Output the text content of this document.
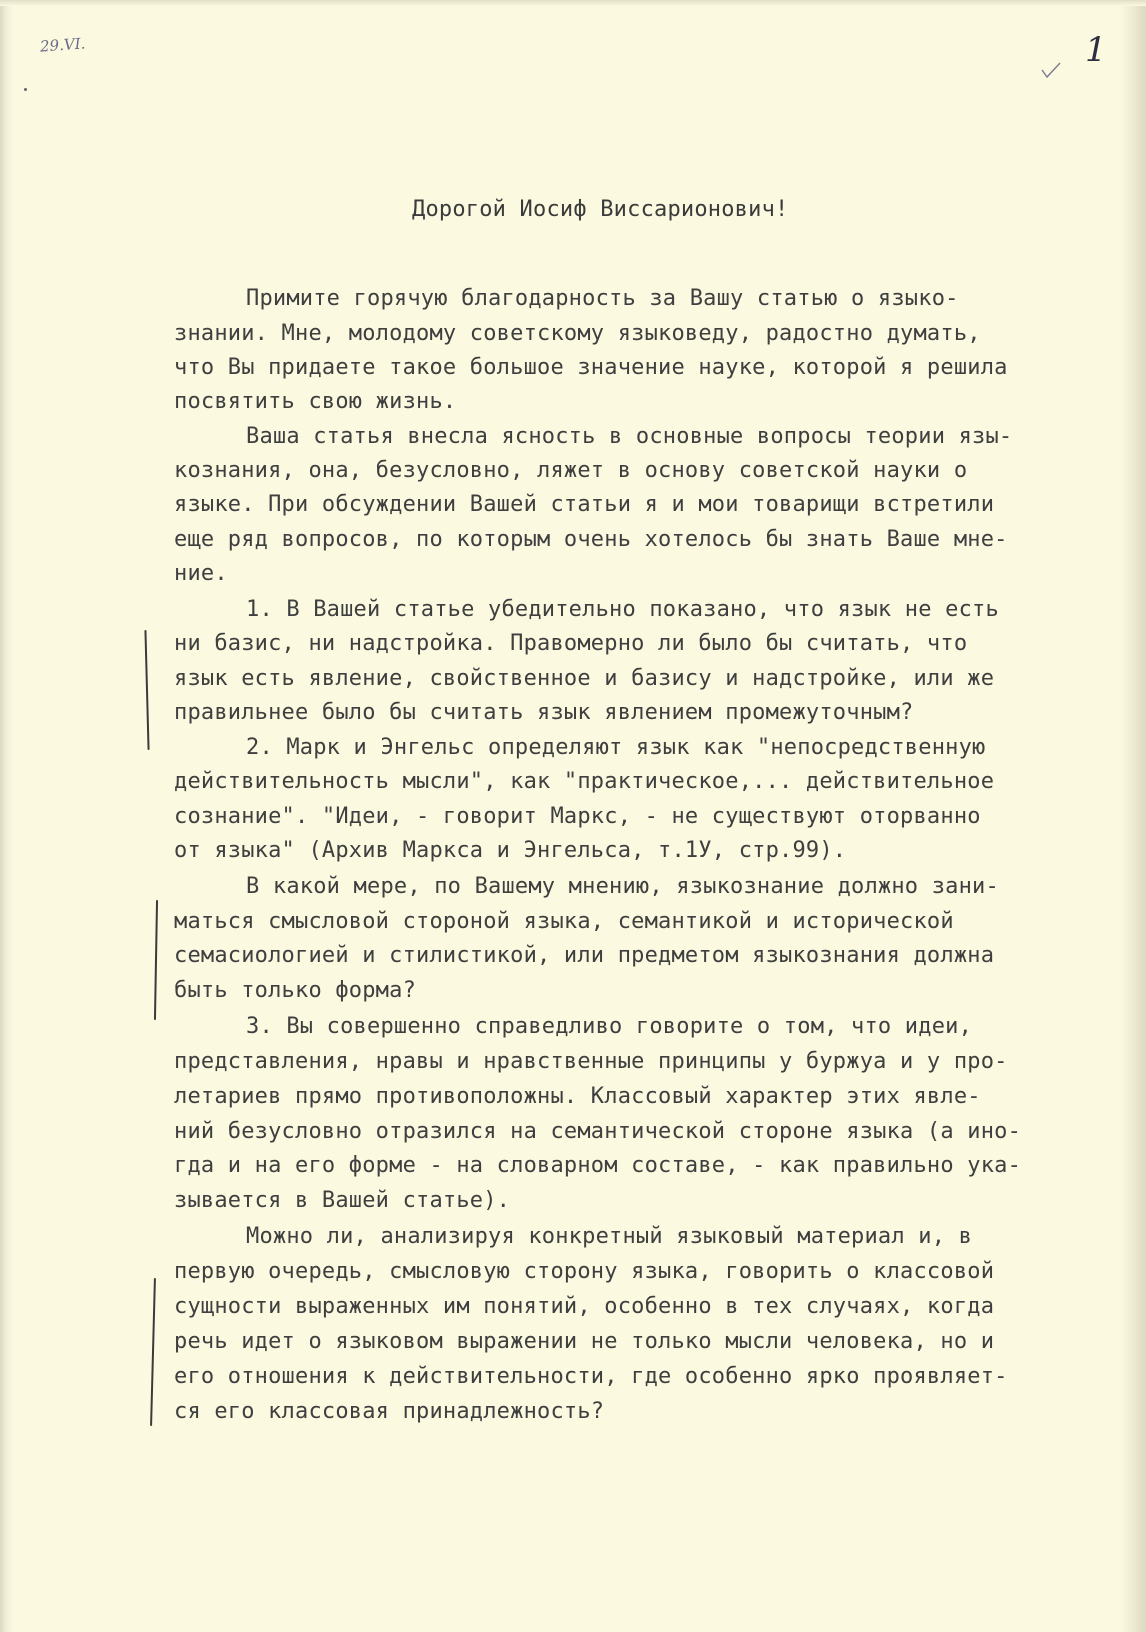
29.VI.	1
Дорогой Иосиф Виссарионович!
Примите горячую благодарность за Вашу статью о языко-
знании. Мне, молодому советскому языковеду, радостно думать,
что Вы придаете такое большое значение науке, которой я решила
посвятить свою жизнь.
Ваша статья внесла ясность в основные вопросы теории язы-
кознания, она, безусловно, ляжет в основу советской науки о
языке. При обсуждении Вашей статьи я и мои товарищи встретили
еще ряд вопросов, по которым очень хотелось бы знать Ваше мне-
ние.
1. В Вашей статье убедительно показано, что язык не есть
ни базис, ни надстройка. Правомерно ли было бы считать, что
язык есть явление, свойственное и базису и надстройке, или же
правильнее было бы считать язык явлением промежуточным?
2. Марк и Энгельс определяют язык как "непосредственную
действительность мысли", как "практическое,... действительное
сознание". "Идеи, - говорит Маркс, - не существуют оторванно
от языка" (Архив Маркса и Энгельса, т.1У, стр.99).
В какой мере, по Вашему мнению, языкознание должно зани-
маться смысловой стороной языка, семантикой и исторической
семасиологией и стилистикой, или предметом языкознания должна
быть только форма?
3. Вы совершенно справедливо говорите о том, что идеи,
представления, нравы и нравственные принципы у буржуа и у про-
летариев прямо противоположны. Классовый характер этих явле-
ний безусловно отразился на семантической стороне языка (а ино-
гда и на его форме - на словарном составе, - как правильно ука-
зывается в Вашей статье).
Можно ли, анализируя конкретный языковый материал и, в
первую очередь, смысловую сторону языка, говорить о классовой
сущности выраженных им понятий, особенно в тех случаях, когда
речь идет о языковом выражении не только мысли человека, но и
его отношения к действительности, где особенно ярко проявляет-
ся его классовая принадлежность?
